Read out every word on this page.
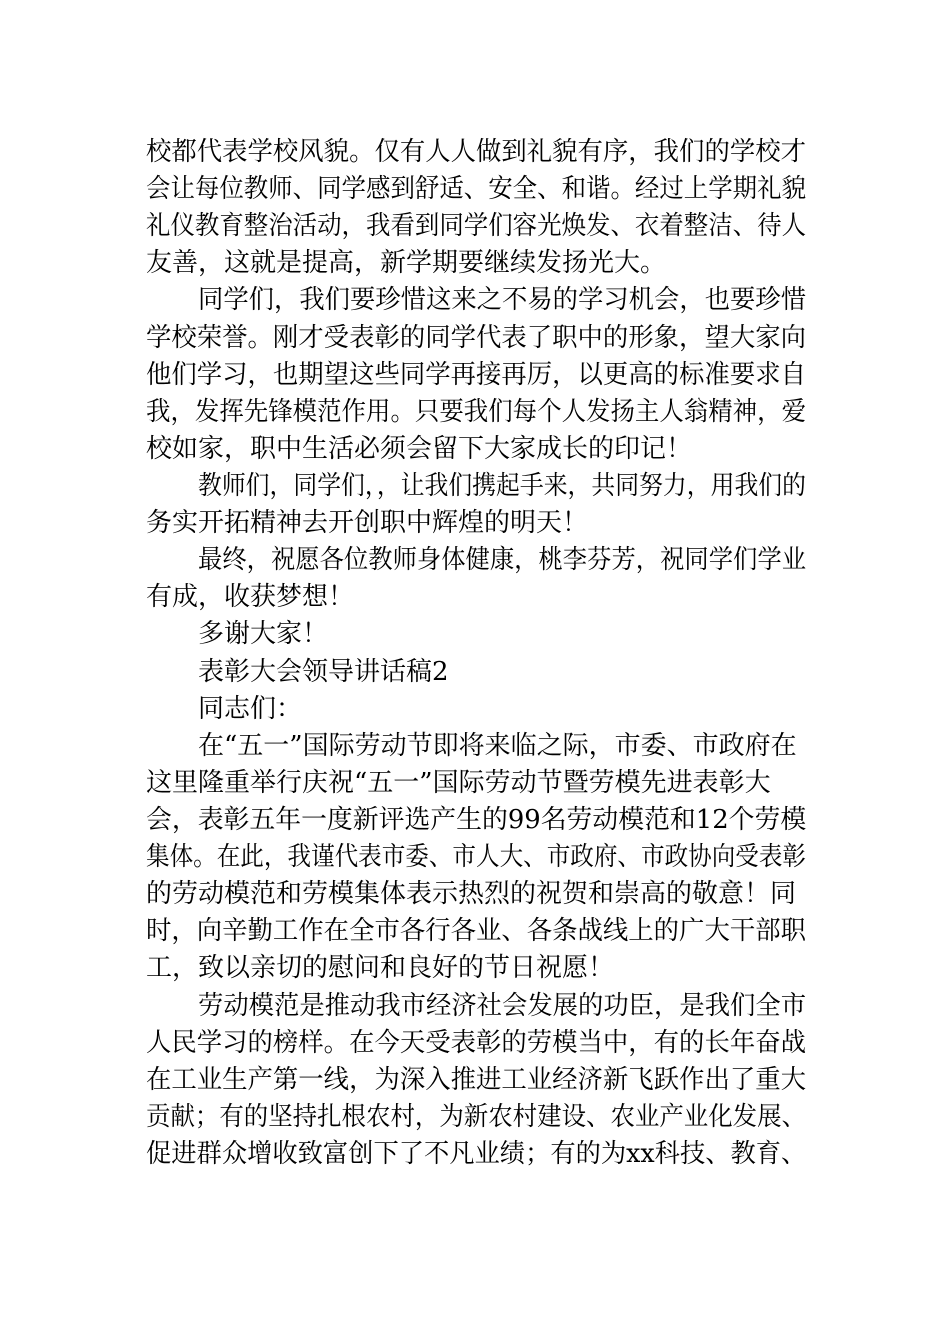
校都代表学校风貌。仅有人人做到礼貌有序，我们的学校才
会让每位教师、同学感到舒适、安全、和谐。经过上学期礼貌
礼仪教育整治活动，我看到同学们容光焕发、衣着整洁、待人
友善，这就是提高，新学期要继续发扬光大。
同学们，我们要珍惜这来之不易的学习机会，也要珍惜
学校荣誉。刚才受表彰的同学代表了职中的形象，望大家向
他们学习，也期望这些同学再接再厉，以更高的标准要求自
我，发挥先锋模范作用。只要我们每个人发扬主人翁精神，爱
校如家，职中生活必须会留下大家成长的印记！
教师们，同学们，，让我们携起手来，共同努力，用我们的
务实开拓精神去开创职中辉煌的明天！
最终，祝愿各位教师身体健康，桃李芬芳，祝同学们学业
有成，收获梦想！
多谢大家！
表彰大会领导讲话稿2
同志们：
在“五一”国际劳动节即将来临之际，市委、市政府在
这里隆重举行庆祝“五一”国际劳动节暨劳模先进表彰大
会，表彰五年一度新评选产生的99名劳动模范和12个劳模
集体。在此，我谨代表市委、市人大、市政府、市政协向受表彰
的劳动模范和劳模集体表示热烈的祝贺和崇高的敬意！同
时，向辛勤工作在全市各行各业、各条战线上的广大干部职
工，致以亲切的慰问和良好的节日祝愿！
劳动模范是推动我市经济社会发展的功臣，是我们全市
人民学习的榜样。在今天受表彰的劳模当中，有的长年奋战
在工业生产第一线，为深入推进工业经济新飞跃作出了重大
贡献；有的坚持扎根农村，为新农村建设、农业产业化发展、
促进群众增收致富创下了不凡业绩；有的为xx科技、教育、
